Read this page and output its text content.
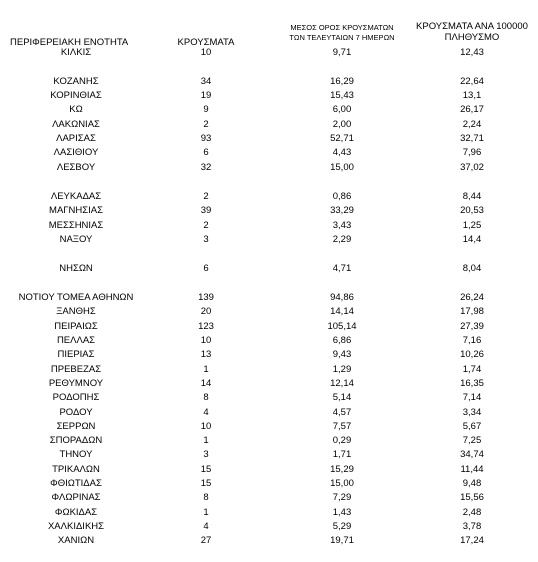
ΠΕΡΙΦΕΡΕΙΑΚΗ ΕΝΟΤΗΤΑ	ΚΡΟΥΣΜΑΤΑ
ΜΕΣΟΣ ΟΡΟΣ ΚΡΟΥΣΜΑΤΩΝ
ΤΩΝ ΤΕΛΕΥΤΑΙΩΝ 7 ΗΜΕΡΩΝ
ΚΡΟΥΣΜΑΤΑ ΑΝΑ 100000
ΠΛΗΘΥΣΜΟ
ΚΙΛΚΙΣ	10	9,71	12,43
ΚΟΖΑΝΗΣ	34	16,29	22,64
ΚΟΡΙΝΘΙΑΣ	19	15,43	13,1
ΚΩ	9	6,00	26,17
ΛΑΚΩΝΙΑΣ	2	2,00	2,24
ΛΑΡΙΣΑΣ	93	52,71	32,71
ΛΑΣΙΘΙΟΥ	6	4,43	7,96
ΛΕΣΒΟΥ	32	15,00	37,02
ΛΕΥΚΑΔΑΣ	2	0,86	8,44
ΜΑΓΝΗΣΙΑΣ	39	33,29	20,53
ΜΕΣΣΗΝΙΑΣ	2	3,43	1,25
ΝΑΞΟΥ	3	2,29	14,4
ΝΗΣΩΝ	6	4,71	8,04
ΝΟΤΙΟΥ ΤΟΜΕΑ ΑΘΗΝΩΝ	139	94,86	26,24
ΞΑΝΘΗΣ	20	14,14	17,98
ΠΕΙΡΑΙΩΣ	123	105,14	27,39
ΠΕΛΛΑΣ	10	6,86	7,16
ΠΙΕΡΙΑΣ	13	9,43	10,26
ΠΡΕΒΕΖΑΣ	1	1,29	1,74
ΡΕΘΥΜΝΟΥ	14	12,14	16,35
ΡΟΔΟΠΗΣ	8	5,14	7,14
ΡΟΔΟΥ	4	4,57	3,34
ΣΕΡΡΩΝ	10	7,57	5,67
ΣΠΟΡΑΔΩΝ	1	0,29	7,25
ΤΗΝΟΥ	3	1,71	34,74
ΤΡΙΚΑΛΩΝ	15	15,29	11,44
ΦΘΙΩΤΙΔΑΣ	15	15,00	9,48
ΦΛΩΡΙΝΑΣ	8	7,29	15,56
ΦΩΚΙΔΑΣ	1	1,43	2,48
ΧΑΛΚΙΔΙΚΗΣ	4	5,29	3,78
ΧΑΝΙΩΝ	27	19,71	17,24
